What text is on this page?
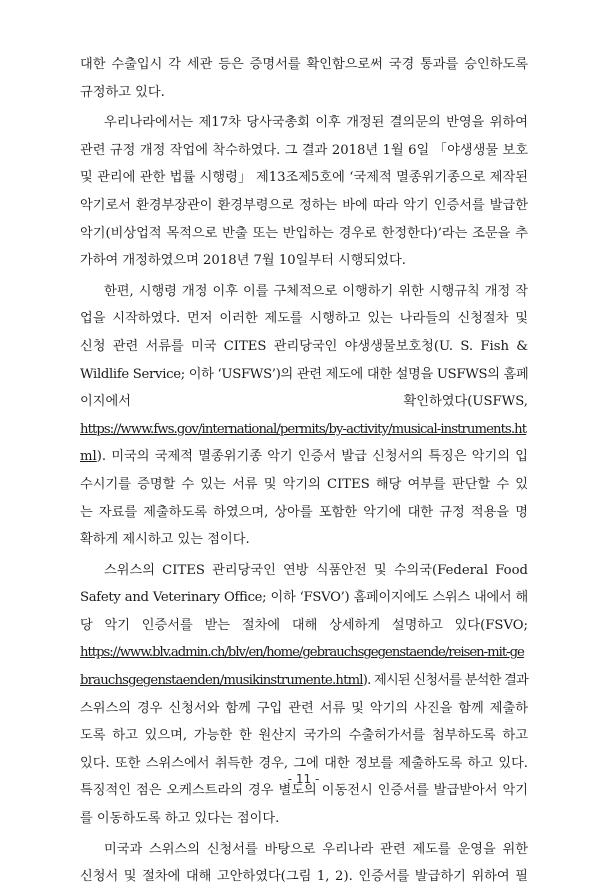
대한 수출입시 각 세관 등은 증명서를 확인함으로써 국경 통과를 승인하도록
규정하고 있다.
우리나라에서는 제17차 당사국총회 이후 개정된 결의문의 반영을 위하여
관련 규정 개정 작업에 착수하였다. 그 결과 2018년 1월 6일 「야생생물 보호
및 관리에 관한 법률 시행령」 제13조제5호에 ‘국제적 멸종위기종으로 제작된
악기로서 환경부장관이 환경부령으로 정하는 바에 따라 악기 인증서를 발급한
악기(비상업적 목적으로 반출 또는 반입하는 경우로 한정한다)’라는 조문을 추
가하여 개정하였으며 2018년 7월 10일부터 시행되었다.
한편, 시행령 개정 이후 이를 구체적으로 이행하기 위한 시행규칙 개정 작
업을 시작하였다. 먼저 이러한 제도를 시행하고 있는 나라들의 신청절차 및
신청 관련 서류를 미국 CITES 관리당국인 야생생물보호청(U. S. Fish &
Wildlife Service; 이하 ‘USFWS’)의 관련 제도에 대한 설명을 USFWS의 홈페
이지에서	확인하였다(USFWS,
https://www.fws.gov/international/permits/by-activity/musical-instruments.ht
ml). 미국의 국제적 멸종위기종 악기 인증서 발급 신청서의 특징은 악기의 입
수시기를 증명할 수 있는 서류 및 악기의 CITES 해당 여부를 판단할 수 있
는 자료를 제출하도록 하였으며, 상아를 포함한 악기에 대한 규정 적용을 명
확하게 제시하고 있는 점이다.
스위스의 CITES 관리당국인 연방 식품안전 및 수의국(Federal Food
Safety and Veterinary Office; 이하 ‘FSVO’) 홈페이지에도 스위스 내에서 해
당 악기 인증서를 받는 절차에 대해 상세하게 설명하고 있다(FSVO;
https://www.blv.admin.ch/blv/en/home/gebrauchsgegenstaende/reisen-mit-ge
brauchsgegenstaenden/musikinstrumente.html). 제시된 신청서를 분석한 결과
스위스의 경우 신청서와 함께 구입 관련 서류 및 악기의 사진을 함께 제출하
도록 하고 있으며, 가능한 한 원산지 국가의 수출허가서를 첨부하도록 하고
있다. 또한 스위스에서 취득한 경우, 그에 대한 정보를 제출하도록 하고 있다.
특징적인 점은 오케스트라의 경우 별도의 이동전시 인증서를 발급받아서 악기
를 이동하도록 하고 있다는 점이다.
미국과 스위스의 신청서를 바탕으로 우리나라 관련 제도를 운영을 위한
신청서 및 절차에 대해 고안하였다(그림 1, 2). 인증서를 발급하기 위하여 필
- 11 -
